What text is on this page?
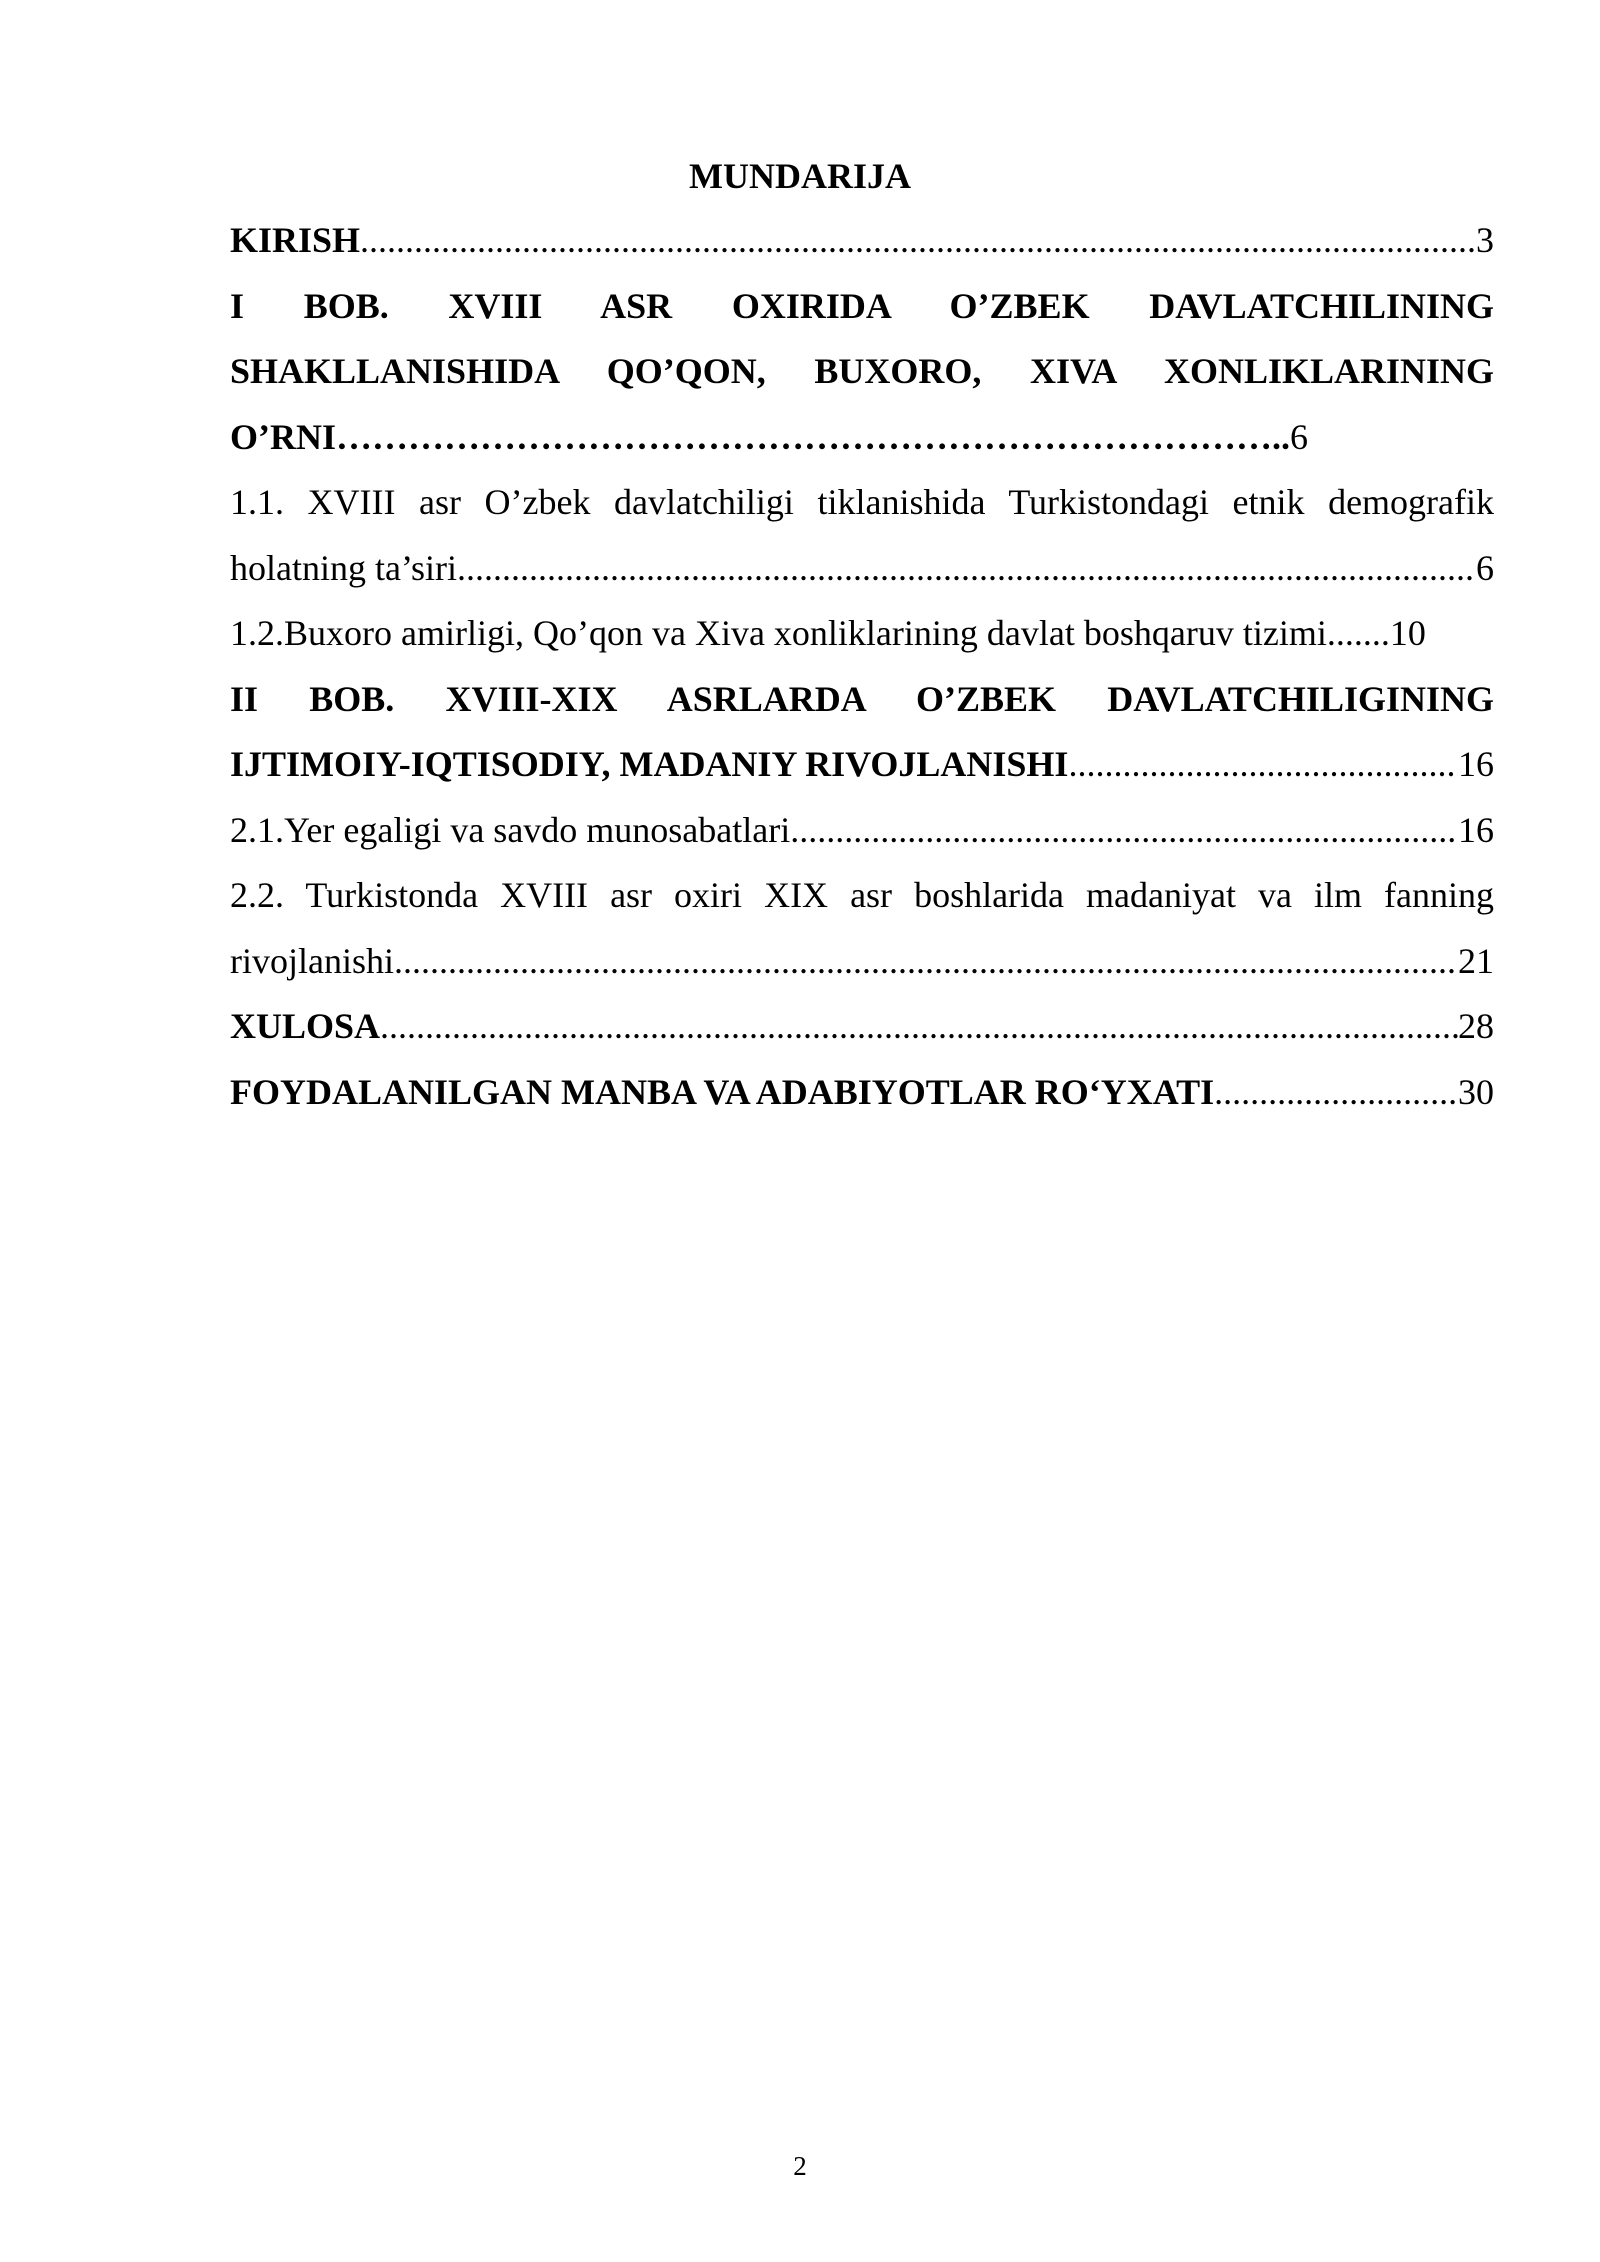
MUNDARIJA
KIRISH .....	3
I BOB. XVIII ASR OXIRIDA O’ZBEK DAVLATCHILINING
SHAKLLANISHIDA QO’QON, BUXORO, XIVA XONLIKLARINING
O’RNI …………………………………………………………………….. 6
1.1. XVIII asr O’zbek davlatchiligi tiklanishida Turkistondagi etnik demografik
holatning ta’siri .....	6
1.2.Buxoro amirligi, Qo’qon va Xiva xonliklarining davlat boshqaruv tizimi ....... 10
II BOB. XVIII-XIX ASRLARDA O’ZBEK DAVLATCHILIGINING
IJTIMOIY-IQTISODIY, MADANIY RIVOJLANISHI .....	16
2.1.Yer egaligi va savdo munosabatlari .....	16
2.2. Turkistonda XVIII asr oxiri XIX asr boshlarida madaniyat va ilm fanning
rivojlanishi .....	21
XULOSA .....	28
FOYDALANILGAN MANBA VA ADABIYOTLAR RO‘YXATI .....	30
2
